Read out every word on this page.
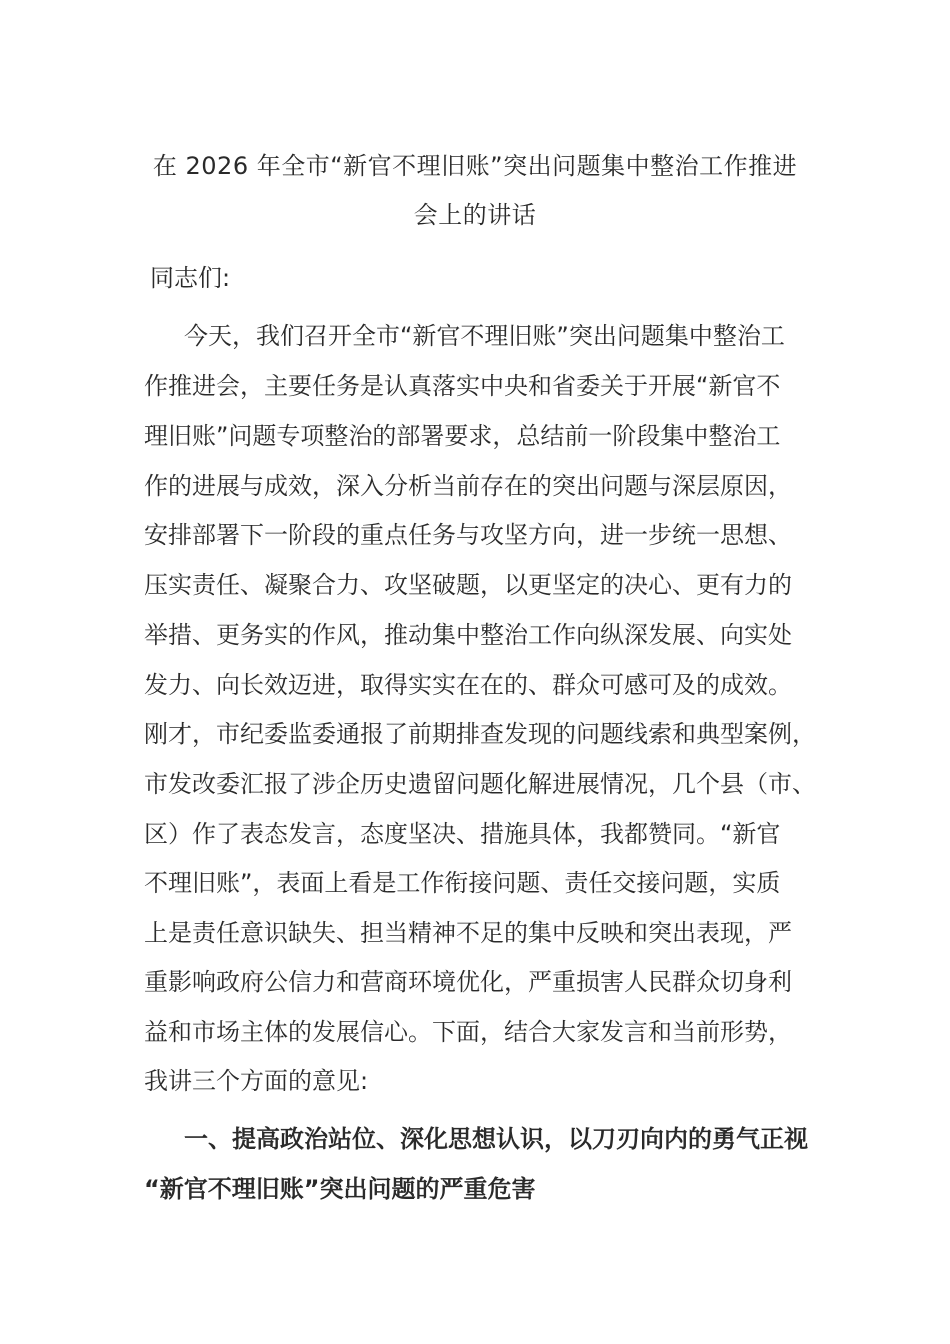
在 2026 年全市“新官不理旧账”突出问题集中整治工作推进
会上的讲话
同志们:
今天，我们召开全市“新官不理旧账”突出问题集中整治工
作推进会，主要任务是认真落实中央和省委关于开展“新官不
理旧账”问题专项整治的部署要求，总结前一阶段集中整治工
作的进展与成效，深入分析当前存在的突出问题与深层原因，
安排部署下一阶段的重点任务与攻坚方向，进一步统一思想、
压实责任、凝聚合力、攻坚破题，以更坚定的决心、更有力的
举措、更务实的作风，推动集中整治工作向纵深发展、向实处
发力、向长效迈进，取得实实在在的、群众可感可及的成效。
刚才，市纪委监委通报了前期排查发现的问题线索和典型案例，
市发改委汇报了涉企历史遗留问题化解进展情况，几个县（市、
区）作了表态发言，态度坚决、措施具体，我都赞同。“新官
不理旧账”，表面上看是工作衔接问题、责任交接问题，实质
上是责任意识缺失、担当精神不足的集中反映和突出表现，严
重影响政府公信力和营商环境优化，严重损害人民群众切身利
益和市场主体的发展信心。下面，结合大家发言和当前形势，
我讲三个方面的意见:
一、提高政治站位、深化思想认识，以刀刃向内的勇气正视
“新官不理旧账”突出问题的严重危害
